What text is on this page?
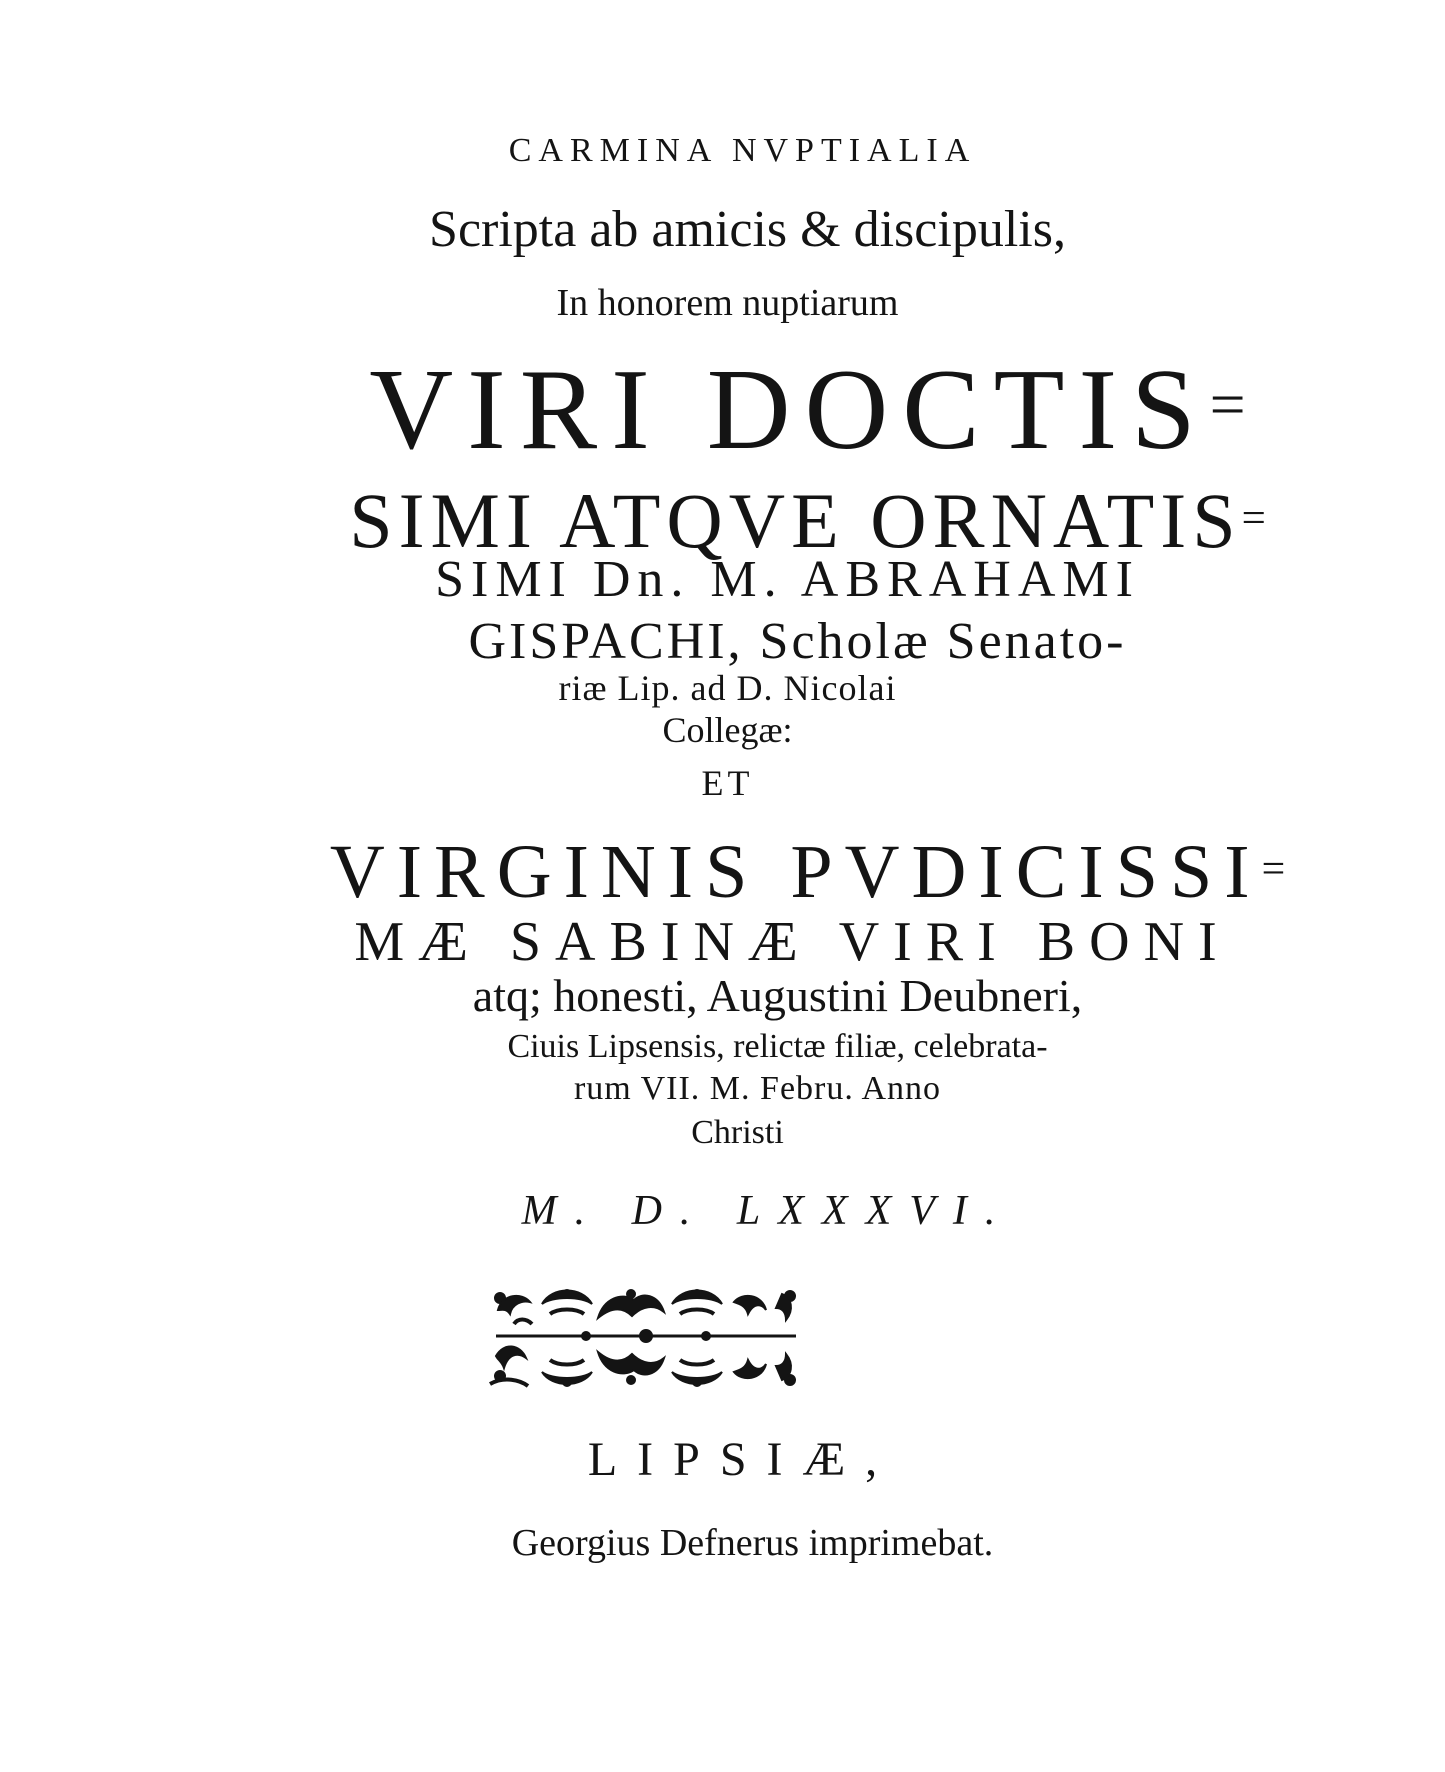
CARMINA NVPTIALIA
Scripta ab amicis & discipulis,
In honorem nuptiarum
VIRI DOCTIS=
SIMI ATQVE ORNATIS=
SIMI Dn. M. ABRAHAMI
GISPACHI, Scholæ Senato-
riæ Lip. ad D. Nicolai
Collegæ:
ET
VIRGINIS PVDICISSI=
MÆ SABINÆ VIRI BONI
atq; honesti, Augustini Deubneri,
Ciuis Lipsensis, relictæ filiæ, celebrata-
rum VII. M. Febru. Anno
Christi
M. D. LXXXVI.
LIPSIÆ,
Georgius Defnerus imprimebat.
